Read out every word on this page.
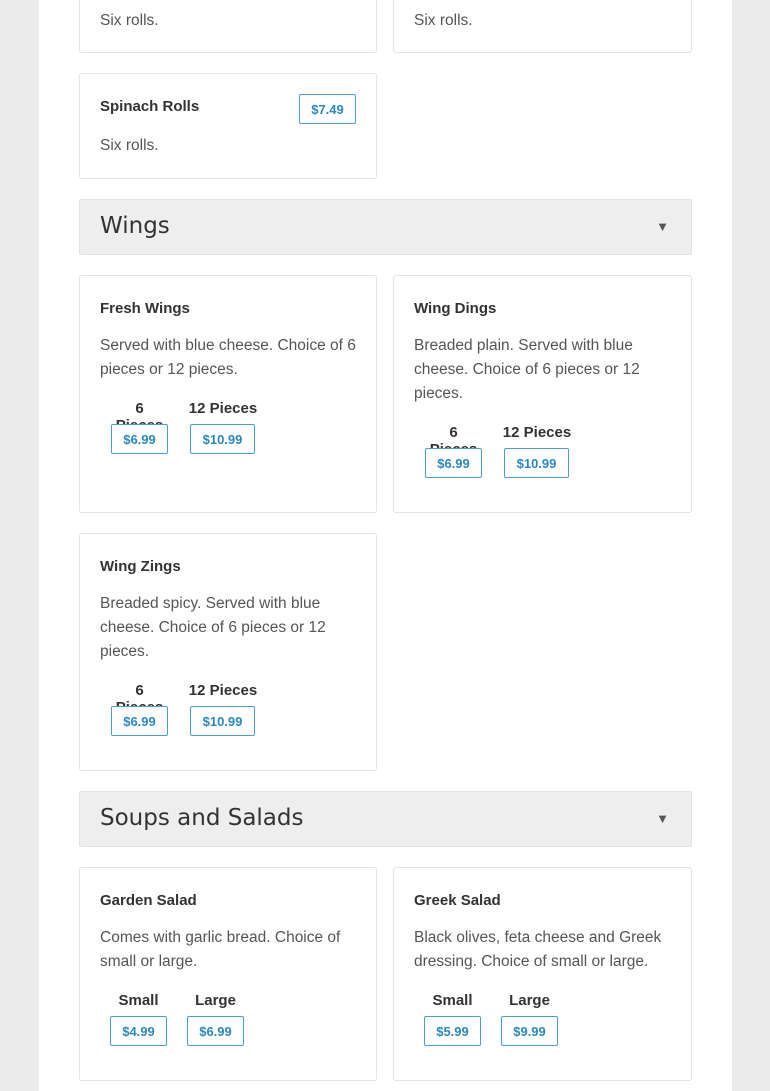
Six rolls.	Six rolls.
Spinach Rolls	$7.49
Six rolls.
Wings	▼
Fresh Wings
Served with blue cheese. Choice of 6
pieces or 12 pieces.
6	12 Pieces
$6.99	$10.99
Wing Dings
Breaded plain. Served with blue
cheese. Choice of 6 pieces or 12
pieces.
6	12 Pieces
$6.99	$10.99
Wing Zings
Breaded spicy. Served with blue
cheese. Choice of 6 pieces or 12
pieces.
6	12 Pieces
$6.99	$10.99
Soups and Salads	▼
Garden Salad
Comes with garlic bread. Choice of
small or large.
Small	Large
$4.99	$6.99
Greek Salad
Black olives, feta cheese and Greek
dressing. Choice of small or large.
Small	Large
$5.99	$9.99
